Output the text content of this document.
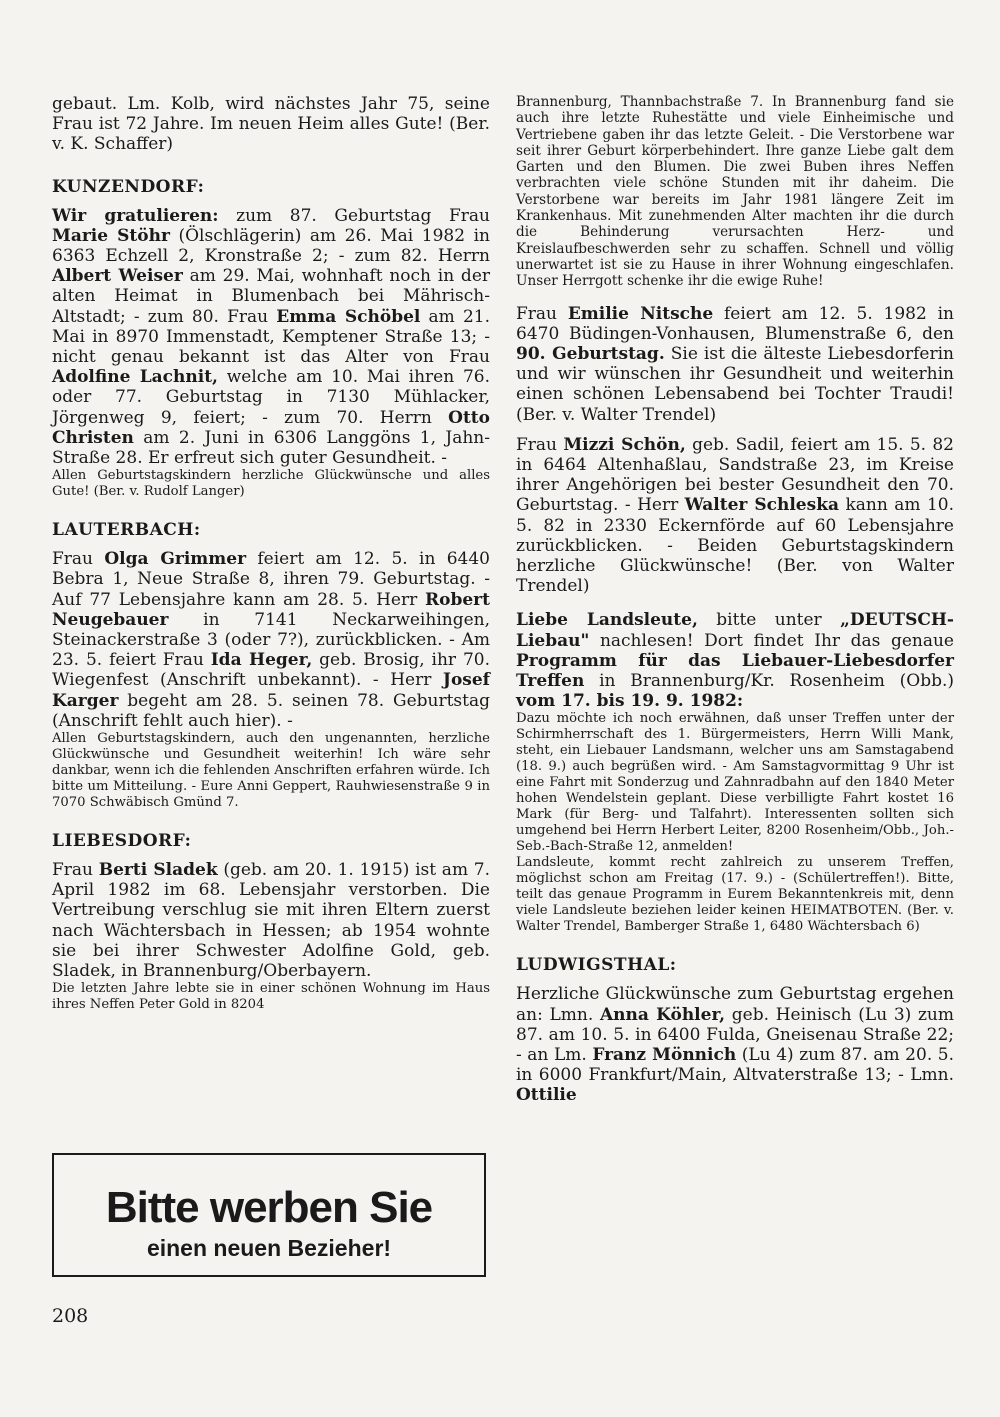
gebaut. Lm. Kolb, wird nächstes Jahr 75, seine Frau ist 72 Jahre. Im neuen Heim alles Gute! (Ber. v. K. Schaffer)

KUNZENDORF:

Wir gratulieren: zum 87. Geburtstag Frau Marie Stöhr (Ölschlägerin) am 26. Mai 1982 in 6363 Echzell 2, Kronstraße 2; - zum 82. Herrn Albert Weiser am 29. Mai, wohnhaft noch in der alten Heimat in Blumenbach bei Mährisch-Altstadt; - zum 80. Frau Emma Schöbel am 21. Mai in 8970 Immenstadt, Kemptener Straße 13; - nicht genau bekannt ist das Alter von Frau Adolfine Lachnit, welche am 10. Mai ihren 76. oder 77. Geburtstag in 7130 Mühlacker, Jörgenweg 9, feiert; - zum 70. Herrn Otto Christen am 2. Juni in 6306 Langgöns 1, Jahn-Straße 28. Er erfreut sich guter Gesundheit. -

Allen Geburtstagskindern herzliche Glückwünsche und alles Gute! (Ber. v. Rudolf Langer)

LAUTERBACH:

Frau Olga Grimmer feiert am 12. 5. in 6440 Bebra 1, Neue Straße 8, ihren 79. Geburtstag. - Auf 77 Lebensjahre kann am 28. 5. Herr Robert Neugebauer in 7141 Neckarweihingen, Steinackerstraße 3 (oder 7?), zurückblicken. - Am 23. 5. feiert Frau Ida Heger, geb. Brosig, ihr 70. Wiegenfest (Anschrift unbekannt). - Herr Josef Karger begeht am 28. 5. seinen 78. Geburtstag (Anschrift fehlt auch hier). -

Allen Geburtstagskindern, auch den ungenannten, herzliche Glückwünsche und Gesundheit weiterhin! Ich wäre sehr dankbar, wenn ich die fehlenden Anschriften erfahren würde. Ich bitte um Mitteilung. - Eure Anni Geppert, Rauhwiesenstraße 9 in 7070 Schwäbisch Gmünd 7.

LIEBESDORF:

Frau Berti Sladek (geb. am 20. 1. 1915) ist am 7. April 1982 im 68. Lebensjahr verstorben. Die Vertreibung verschlug sie mit ihren Eltern zuerst nach Wächtersbach in Hessen; ab 1954 wohnte sie bei ihrer Schwester Adolfine Gold, geb. Sladek, in Brannenburg/Oberbayern.

Die letzten Jahre lebte sie in einer schönen Wohnung im Haus ihres Neffen Peter Gold in 8204

Bitte werben Sie
einen neuen Bezieher!
208

Brannenburg, Thannbachstraße 7. In Brannenburg fand sie auch ihre letzte Ruhestätte und viele Einheimische und Vertriebene gaben ihr das letzte Geleit. - Die Verstorbene war seit ihrer Geburt körperbehindert. Ihre ganze Liebe galt dem Garten und den Blumen. Die zwei Buben ihres Neffen verbrachten viele schöne Stunden mit ihr daheim. Die Verstorbene war bereits im Jahr 1981 längere Zeit im Krankenhaus. Mit zunehmenden Alter machten ihr die durch die Behinderung verursachten Herz- und Kreislaufbeschwerden sehr zu schaffen. Schnell und völlig unerwartet ist sie zu Hause in ihrer Wohnung eingeschlafen. Unser Herrgott schenke ihr die ewige Ruhe!

Frau Emilie Nitsche feiert am 12. 5. 1982 in 6470 Büdingen-Vonhausen, Blumenstraße 6, den 90. Geburtstag. Sie ist die älteste Liebesdorferin und wir wünschen ihr Gesundheit und weiterhin einen schönen Lebensabend bei Tochter Traudi! (Ber. v. Walter Trendel)

Frau Mizzi Schön, geb. Sadil, feiert am 15. 5. 82 in 6464 Altenhaßlau, Sandstraße 23, im Kreise ihrer Angehörigen bei bester Gesundheit den 70. Geburtstag. - Herr Walter Schleska kann am 10. 5. 82 in 2330 Eckernförde auf 60 Lebensjahre zurückblicken. - Beiden Geburtstagskindern herzliche Glückwünsche! (Ber. von Walter Trendel)

Liebe Landsleute, bitte unter „DEUTSCH-Liebau" nachlesen! Dort findet Ihr das genaue Programm für das Liebauer-Liebesdorfer Treffen in Brannenburg/Kr. Rosenheim (Obb.) vom 17. bis 19. 9. 1982:

Dazu möchte ich noch erwähnen, daß unser Treffen unter der Schirmherrschaft des 1. Bürgermeisters, Herrn Willi Mank, steht, ein Liebauer Landsmann, welcher uns am Samstagabend (18. 9.) auch begrüßen wird. - Am Samstagvormittag 9 Uhr ist eine Fahrt mit Sonderzug und Zahnradbahn auf den 1840 Meter hohen Wendelstein geplant. Diese verbilligte Fahrt kostet 16 Mark (für Berg- und Talfahrt). Interessenten sollten sich umgehend bei Herrn Herbert Leiter, 8200 Rosenheim/Obb., Joh.-Seb.-Bach-Straße 12, anmelden!

Landsleute, kommt recht zahlreich zu unserem Treffen, möglichst schon am Freitag (17. 9.) - (Schülertreffen!). Bitte, teilt das genaue Programm in Eurem Bekanntenkreis mit, denn viele Landsleute beziehen leider keinen HEIMATBOTEN. (Ber. v. Walter Trendel, Bamberger Straße 1, 6480 Wächtersbach 6)

LUDWIGSTHAL:

Herzliche Glückwünsche zum Geburtstag ergehen an: Lmn. Anna Köhler, geb. Heinisch (Lu 3) zum 87. am 10. 5. in 6400 Fulda, Gneisenau Straße 22; - an Lm. Franz Mönnich (Lu 4) zum 87. am 20. 5. in 6000 Frankfurt/Main, Altvaterstraße 13; - Lmn. Ottilie
